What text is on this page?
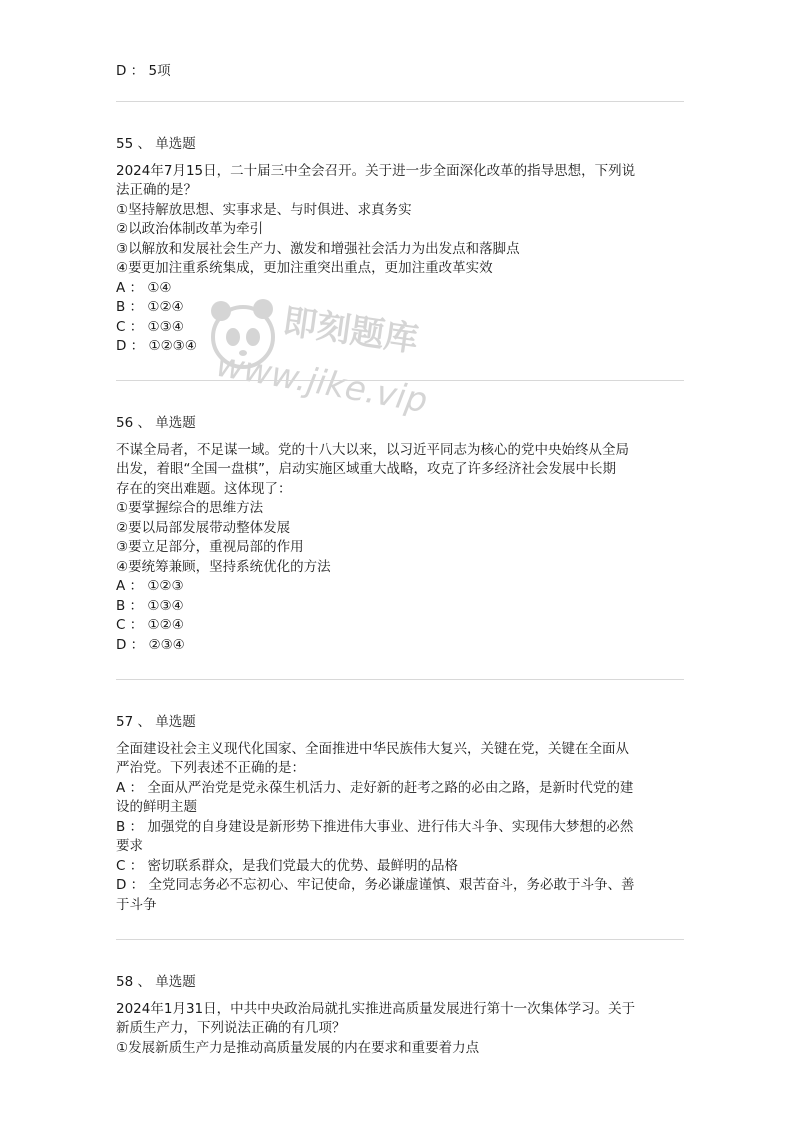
即刻题库
www.jike.vip
D ： 5项
55 、 单选题
2024年7月15日，二十届三中全会召开。关于进一步全面深化改革的指导思想，下列说
法正确的是？
①坚持解放思想、实事求是、与时俱进、求真务实
②以政治体制改革为牵引
③以解放和发展社会生产力、激发和增强社会活力为出发点和落脚点
④要更加注重系统集成，更加注重突出重点，更加注重改革实效
A ： ①④
B ： ①②④
C ： ①③④
D ： ①②③④
56 、 单选题
不谋全局者，不足谋一域。党的十八大以来，以习近平同志为核心的党中央始终从全局
出发，着眼“全国一盘棋”，启动实施区域重大战略，攻克了许多经济社会发展中长期
存在的突出难题。这体现了：
①要掌握综合的思维方法
②要以局部发展带动整体发展
③要立足部分，重视局部的作用
④要统筹兼顾，坚持系统优化的方法
A ： ①②③
B ： ①③④
C ： ①②④
D ： ②③④
57 、 单选题
全面建设社会主义现代化国家、全面推进中华民族伟大复兴，关键在党，关键在全面从
严治党。下列表述不正确的是：
A ： 全面从严治党是党永葆生机活力、走好新的赶考之路的必由之路，是新时代党的建
设的鲜明主题
B ： 加强党的自身建设是新形势下推进伟大事业、进行伟大斗争、实现伟大梦想的必然
要求
C ： 密切联系群众，是我们党最大的优势、最鲜明的品格
D ： 全党同志务必不忘初心、牢记使命，务必谦虚谨慎、艰苦奋斗，务必敢于斗争、善
于斗争
58 、 单选题
2024年1月31日，中共中央政治局就扎实推进高质量发展进行第十一次集体学习。关于
新质生产力，下列说法正确的有几项？
①发展新质生产力是推动高质量发展的内在要求和重要着力点
